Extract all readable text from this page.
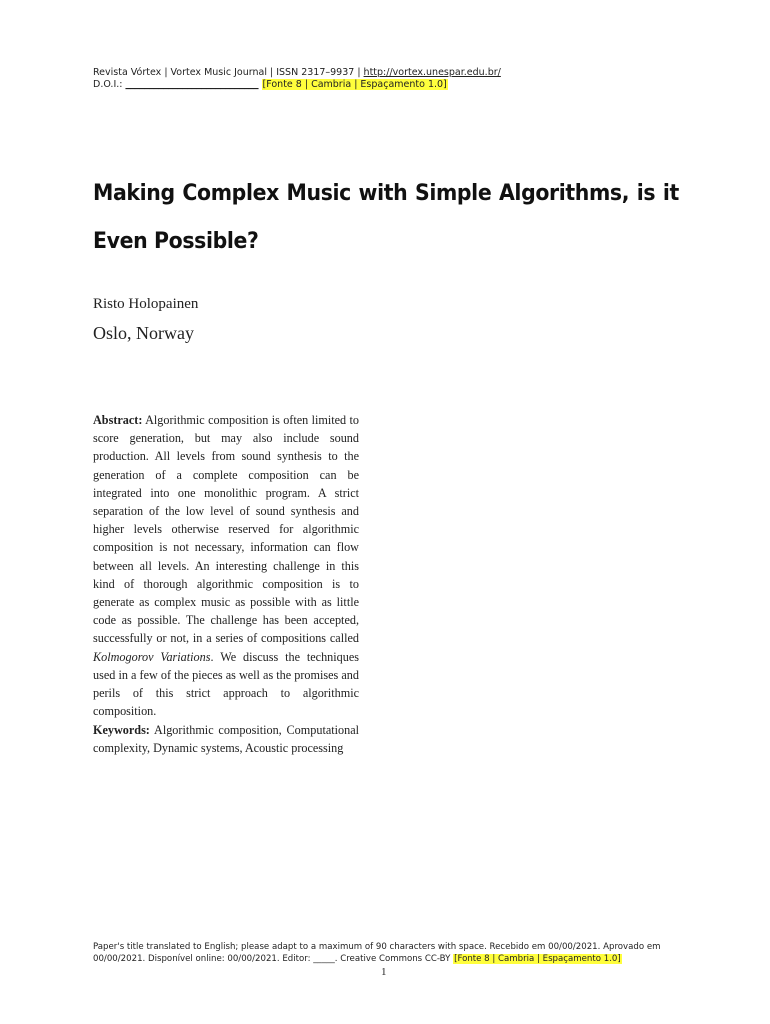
Revista Vórtex | Vortex Music Journal | ISSN 2317–9937 | http://vortex.unespar.edu.br/
D.O.I.: ____________________________ [Fonte 8 | Cambria | Espaçamento 1.0]
Making Complex Music with Simple Algorithms, is it Even Possible?
Risto Holopainen
Oslo, Norway
Abstract: Algorithmic composition is often limited to score generation, but may also include sound production. All levels from sound synthesis to the generation of a complete composition can be integrated into one monolithic program. A strict separation of the low level of sound synthesis and higher levels otherwise reserved for algorithmic composition is not necessary, information can flow between all levels. An interesting challenge in this kind of thorough algorithmic composition is to generate as complex music as possible with as little code as possible. The challenge has been accepted, successfully or not, in a series of compositions called Kolmogorov Variations. We discuss the techniques used in a few of the pieces as well as the promises and perils of this strict approach to algorithmic composition.
Keywords: Algorithmic composition, Computational complexity, Dynamic systems, Acoustic processing
Paper's title translated to English; please adapt to a maximum of 90 characters with space. Recebido em 00/00/2021. Aprovado em 00/00/2021. Disponível online: 00/00/2021. Editor: _____. Creative Commons CC-BY [Fonte 8 | Cambria | Espaçamento 1.0]
1
